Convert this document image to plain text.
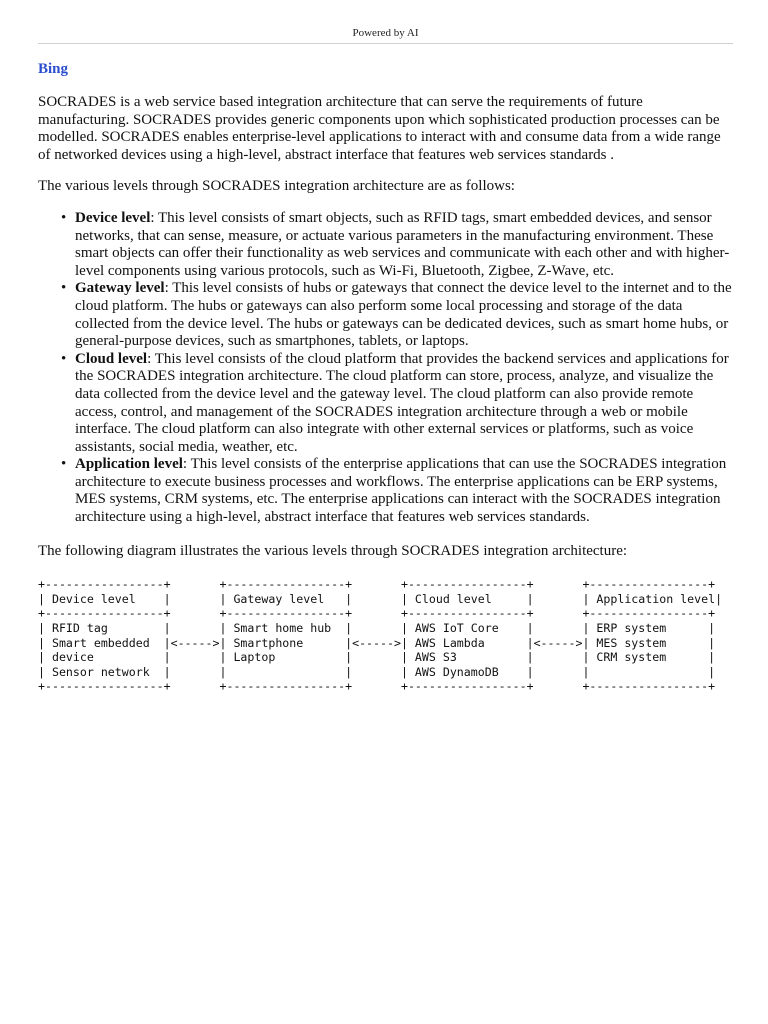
Powered by AI
Bing

SOCRADES is a web service based integration architecture that can serve the requirements of future manufacturing. SOCRADES provides generic components upon which sophisticated production processes can be modelled. SOCRADES enables enterprise-level applications to interact with and consume data from a wide range of networked devices using a high-level, abstract interface that features web services standards .

The various levels through SOCRADES integration architecture are as follows:

• Device level: This level consists of smart objects, such as RFID tags, smart embedded devices, and sensor networks, that can sense, measure, or actuate various parameters in the manufacturing environment. These smart objects can offer their functionality as web services and communicate with each other and with higher-level components using various protocols, such as Wi-Fi, Bluetooth, Zigbee, Z-Wave, etc.
• Gateway level: This level consists of hubs or gateways that connect the device level to the internet and to the cloud platform. The hubs or gateways can also perform some local processing and storage of the data collected from the device level. The hubs or gateways can be dedicated devices, such as smart home hubs, or general-purpose devices, such as smartphones, tablets, or laptops.
• Cloud level: This level consists of the cloud platform that provides the backend services and applications for the SOCRADES integration architecture. The cloud platform can store, process, analyze, and visualize the data collected from the device level and the gateway level. The cloud platform can also provide remote access, control, and management of the SOCRADES integration architecture through a web or mobile interface. The cloud platform can also integrate with other external services or platforms, such as voice assistants, social media, weather, etc.
• Application level: This level consists of the enterprise applications that can use the SOCRADES integration architecture to execute business processes and workflows. The enterprise applications can be ERP systems, MES systems, CRM systems, etc. The enterprise applications can interact with the SOCRADES integration architecture using a high-level, abstract interface that features web services standards.

The following diagram illustrates the various levels through SOCRADES integration architecture:

+-----------------+       +-----------------+       +-----------------+       +-----------------+
| Device level    |       | Gateway level   |       | Cloud level     |       | Application level|
+-----------------+       +-----------------+       +-----------------+       +-----------------+
| RFID tag        |       | Smart home hub  |       | AWS IoT Core    |       | ERP system      |
| Smart embedded  |<----->| Smartphone      |<----->| AWS Lambda      |<----->| MES system      |
| device          |       | Laptop          |       | AWS S3          |       | CRM system      |
| Sensor network  |       |                 |       | AWS DynamoDB    |       |                 |
+-----------------+       +-----------------+       +-----------------+       +-----------------+
